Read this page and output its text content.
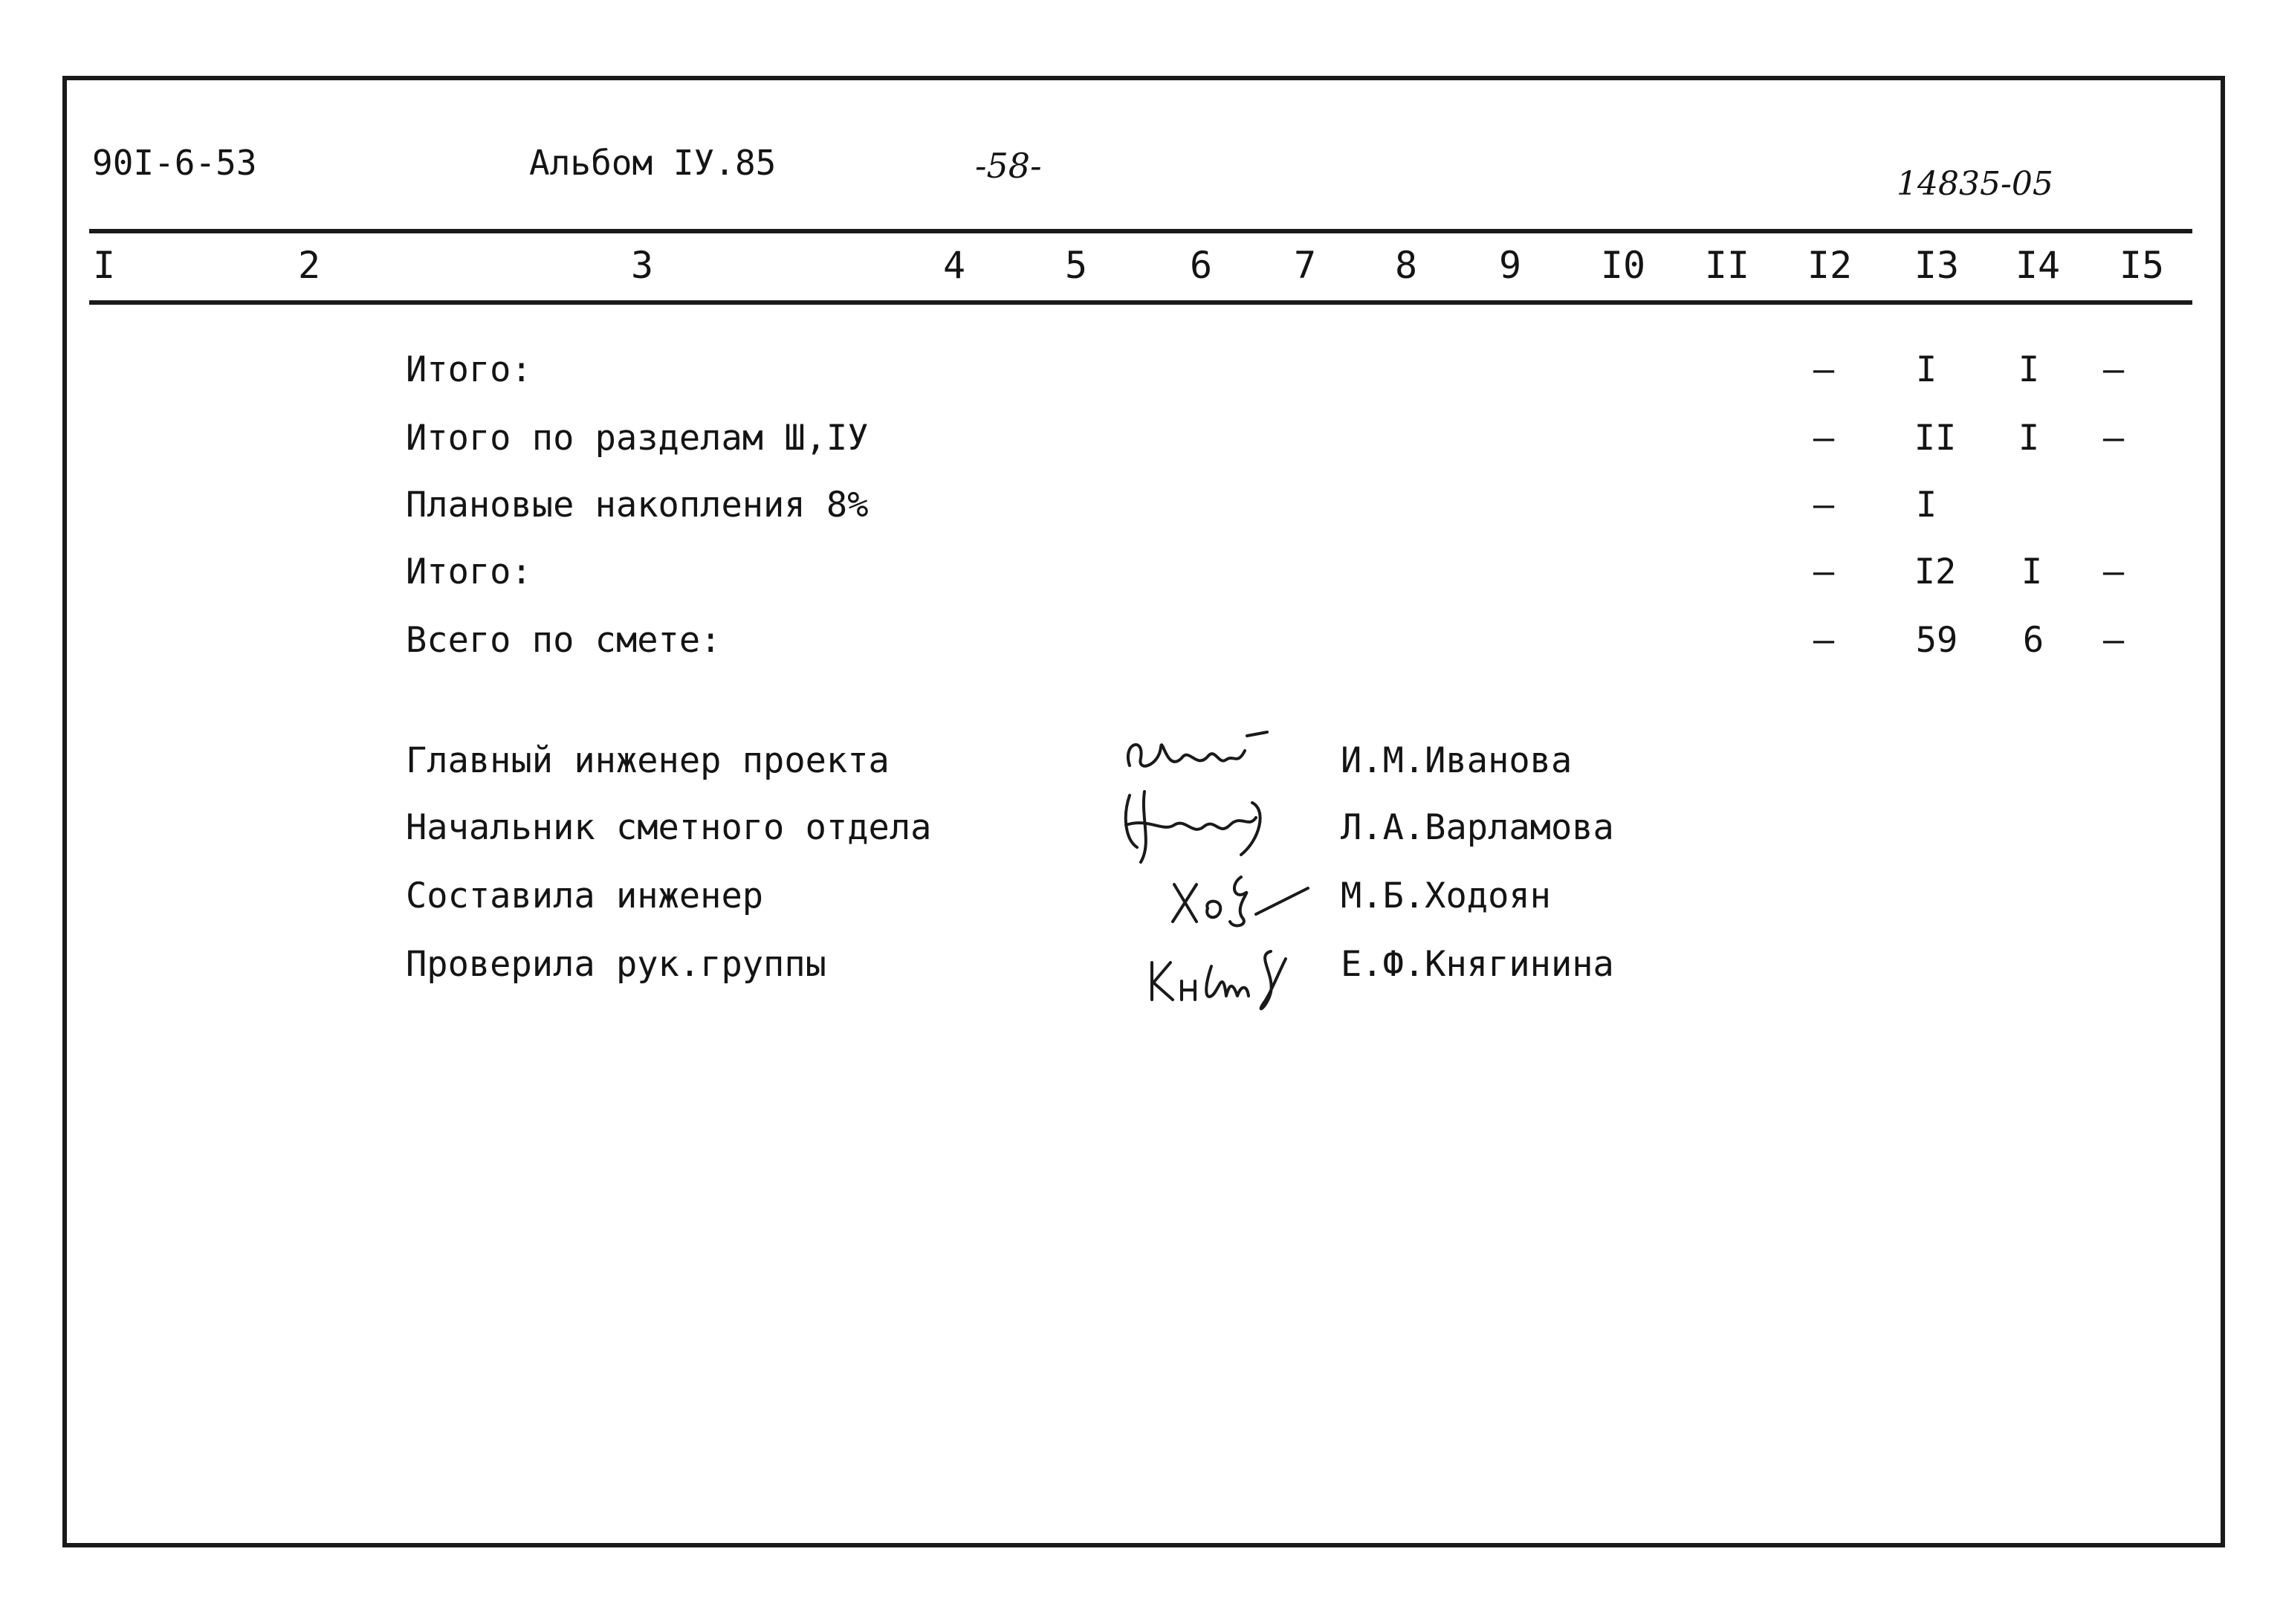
90I-6-53	Альбом IУ.85	-58-	14835-05
I	2	3	4	5	6	7	8	9	I0	II	I2	I3	I4	I5
Итого:	–	I	I	–
Итого по разделам Ш,IУ	–	II	I	–
Плановые накопления 8%	–	I
Итого:	–	I2	I	–
Всего по смете:	–	59	6	–
Главный инженер проекта	И.М.Иванова
Начальник сметного отдела	Л.А.Варламова
Составила инженер	М.Б.Ходоян
Проверила рук.группы	Е.Ф.Княгинина
